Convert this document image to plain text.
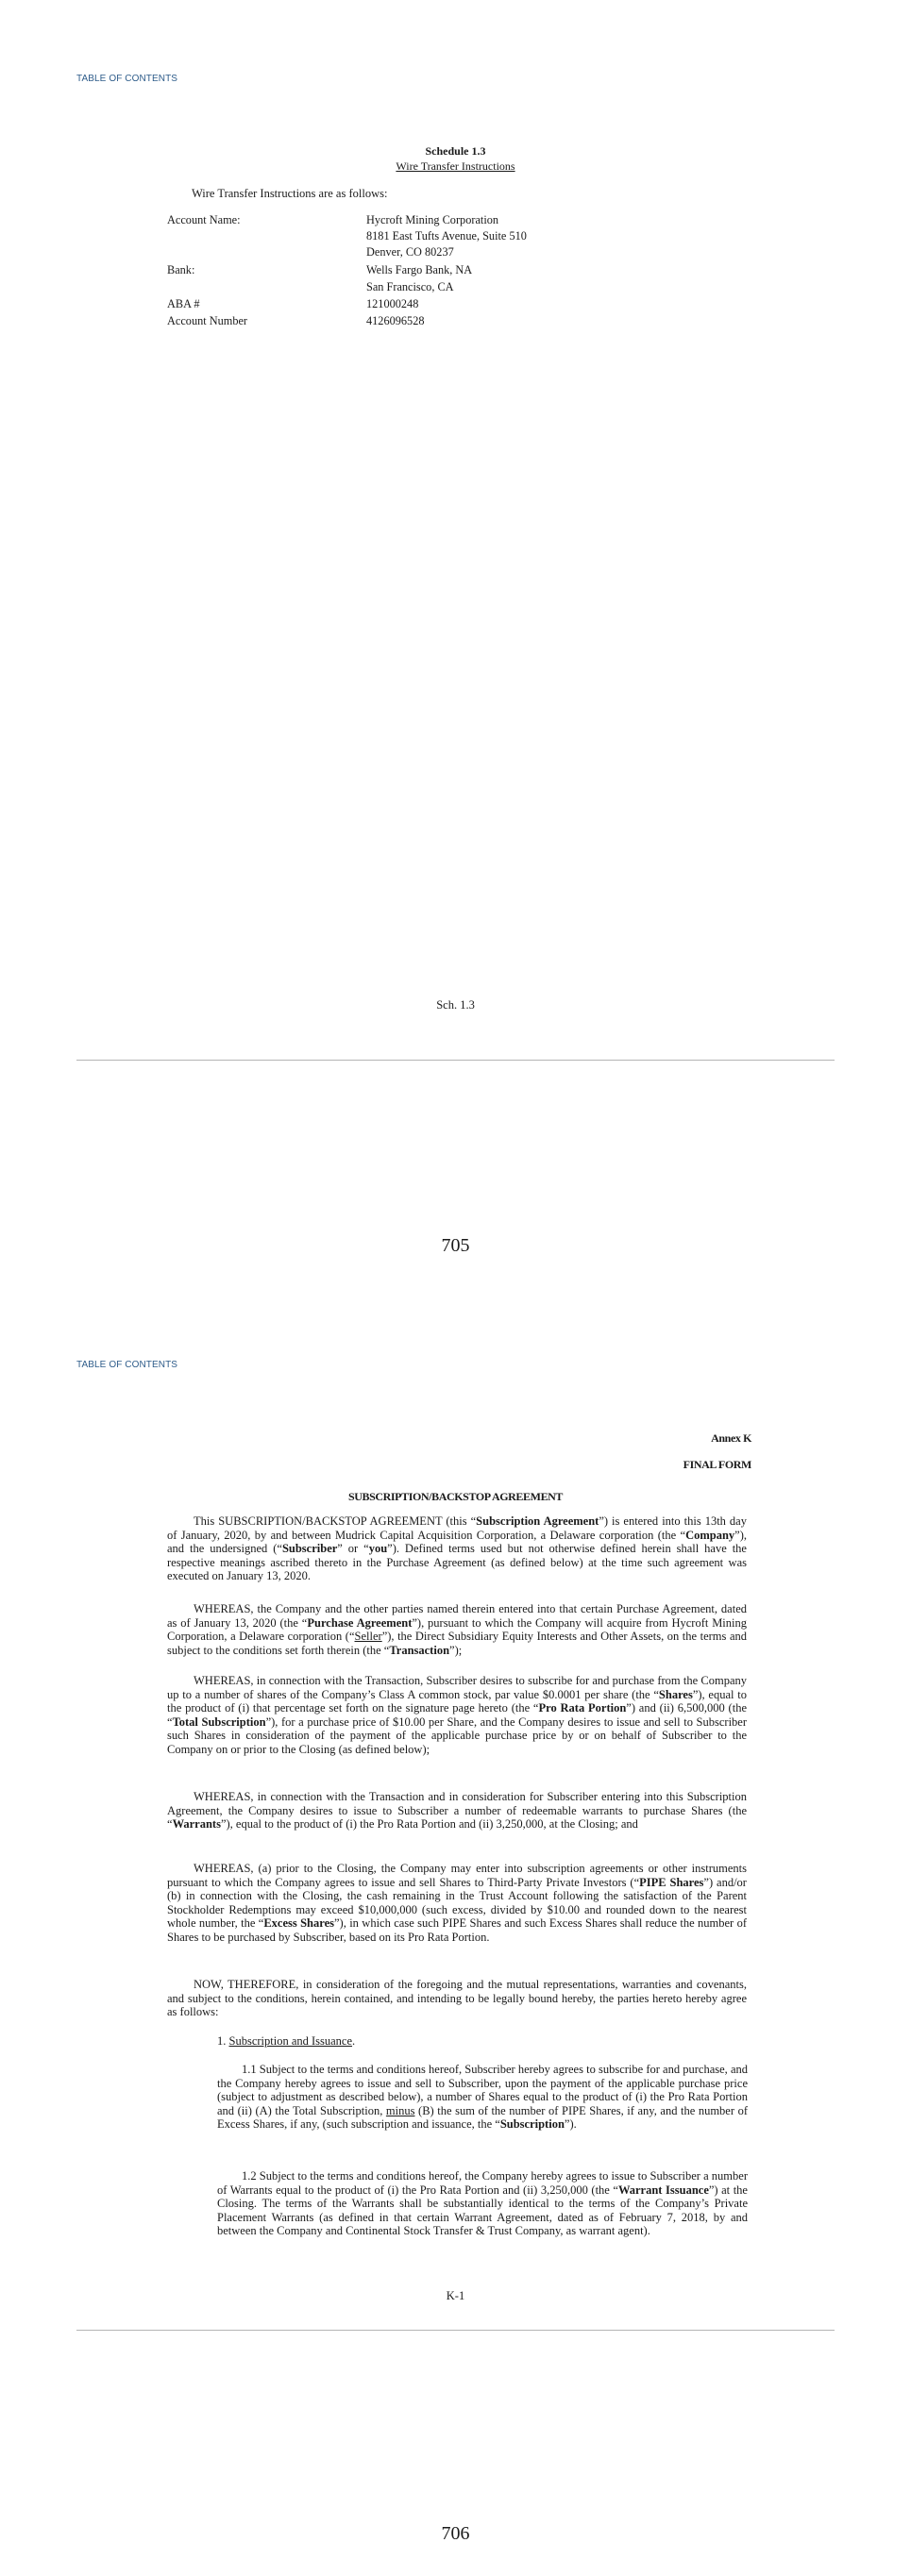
TABLE OF CONTENTS
Schedule 1.3
Wire Transfer Instructions
Wire Transfer Instructions are as follows:
Account Name:	Hycroft Mining Corporation
8181 East Tufts Avenue, Suite 510
Denver, CO 80237
Bank:	Wells Fargo Bank, NA
San Francisco, CA
ABA #	121000248
Account Number	4126096528
Sch. 1.3
705
TABLE OF CONTENTS
Annex K
FINAL FORM
SUBSCRIPTION/BACKSTOP AGREEMENT
This SUBSCRIPTION/BACKSTOP AGREEMENT (this “Subscription Agreement”) is entered into this 13th day of January, 2020, by and between Mudrick Capital Acquisition Corporation, a Delaware corporation (the “Company”), and the undersigned (“Subscriber” or “you”). Defined terms used but not otherwise defined herein shall have the respective meanings ascribed thereto in the Purchase Agreement (as defined below) at the time such agreement was executed on January 13, 2020.
WHEREAS, the Company and the other parties named therein entered into that certain Purchase Agreement, dated as of January 13, 2020 (the “Purchase Agreement”), pursuant to which the Company will acquire from Hycroft Mining Corporation, a Delaware corporation (“Seller”), the Direct Subsidiary Equity Interests and Other Assets, on the terms and subject to the conditions set forth therein (the “Transaction”);
WHEREAS, in connection with the Transaction, Subscriber desires to subscribe for and purchase from the Company up to a number of shares of the Company’s Class A common stock, par value $0.0001 per share (the “Shares”), equal to the product of (i) that percentage set forth on the signature page hereto (the “Pro Rata Portion”) and (ii) 6,500,000 (the “Total Subscription”), for a purchase price of $10.00 per Share, and the Company desires to issue and sell to Subscriber such Shares in consideration of the payment of the applicable purchase price by or on behalf of Subscriber to the Company on or prior to the Closing (as defined below);
WHEREAS, in connection with the Transaction and in consideration for Subscriber entering into this Subscription Agreement, the Company desires to issue to Subscriber a number of redeemable warrants to purchase Shares (the “Warrants”), equal to the product of (i) the Pro Rata Portion and (ii) 3,250,000, at the Closing; and
WHEREAS, (a) prior to the Closing, the Company may enter into subscription agreements or other instruments pursuant to which the Company agrees to issue and sell Shares to Third-Party Private Investors (“PIPE Shares”) and/or (b) in connection with the Closing, the cash remaining in the Trust Account following the satisfaction of the Parent Stockholder Redemptions may exceed $10,000,000 (such excess, divided by $10.00 and rounded down to the nearest whole number, the “Excess Shares”), in which case such PIPE Shares and such Excess Shares shall reduce the number of Shares to be purchased by Subscriber, based on its Pro Rata Portion.
NOW, THEREFORE, in consideration of the foregoing and the mutual representations, warranties and covenants, and subject to the conditions, herein contained, and intending to be legally bound hereby, the parties hereto hereby agree as follows:
1. Subscription and Issuance.
1.1 Subject to the terms and conditions hereof, Subscriber hereby agrees to subscribe for and purchase, and the Company hereby agrees to issue and sell to Subscriber, upon the payment of the applicable purchase price (subject to adjustment as described below), a number of Shares equal to the product of (i) the Pro Rata Portion and (ii) (A) the Total Subscription, minus (B) the sum of the number of PIPE Shares, if any, and the number of Excess Shares, if any, (such subscription and issuance, the “Subscription”).
1.2 Subject to the terms and conditions hereof, the Company hereby agrees to issue to Subscriber a number of Warrants equal to the product of (i) the Pro Rata Portion and (ii) 3,250,000 (the “Warrant Issuance”) at the Closing. The terms of the Warrants shall be substantially identical to the terms of the Company’s Private Placement Warrants (as defined in that certain Warrant Agreement, dated as of February 7, 2018, by and between the Company and Continental Stock Transfer & Trust Company, as warrant agent).
K-1
706
